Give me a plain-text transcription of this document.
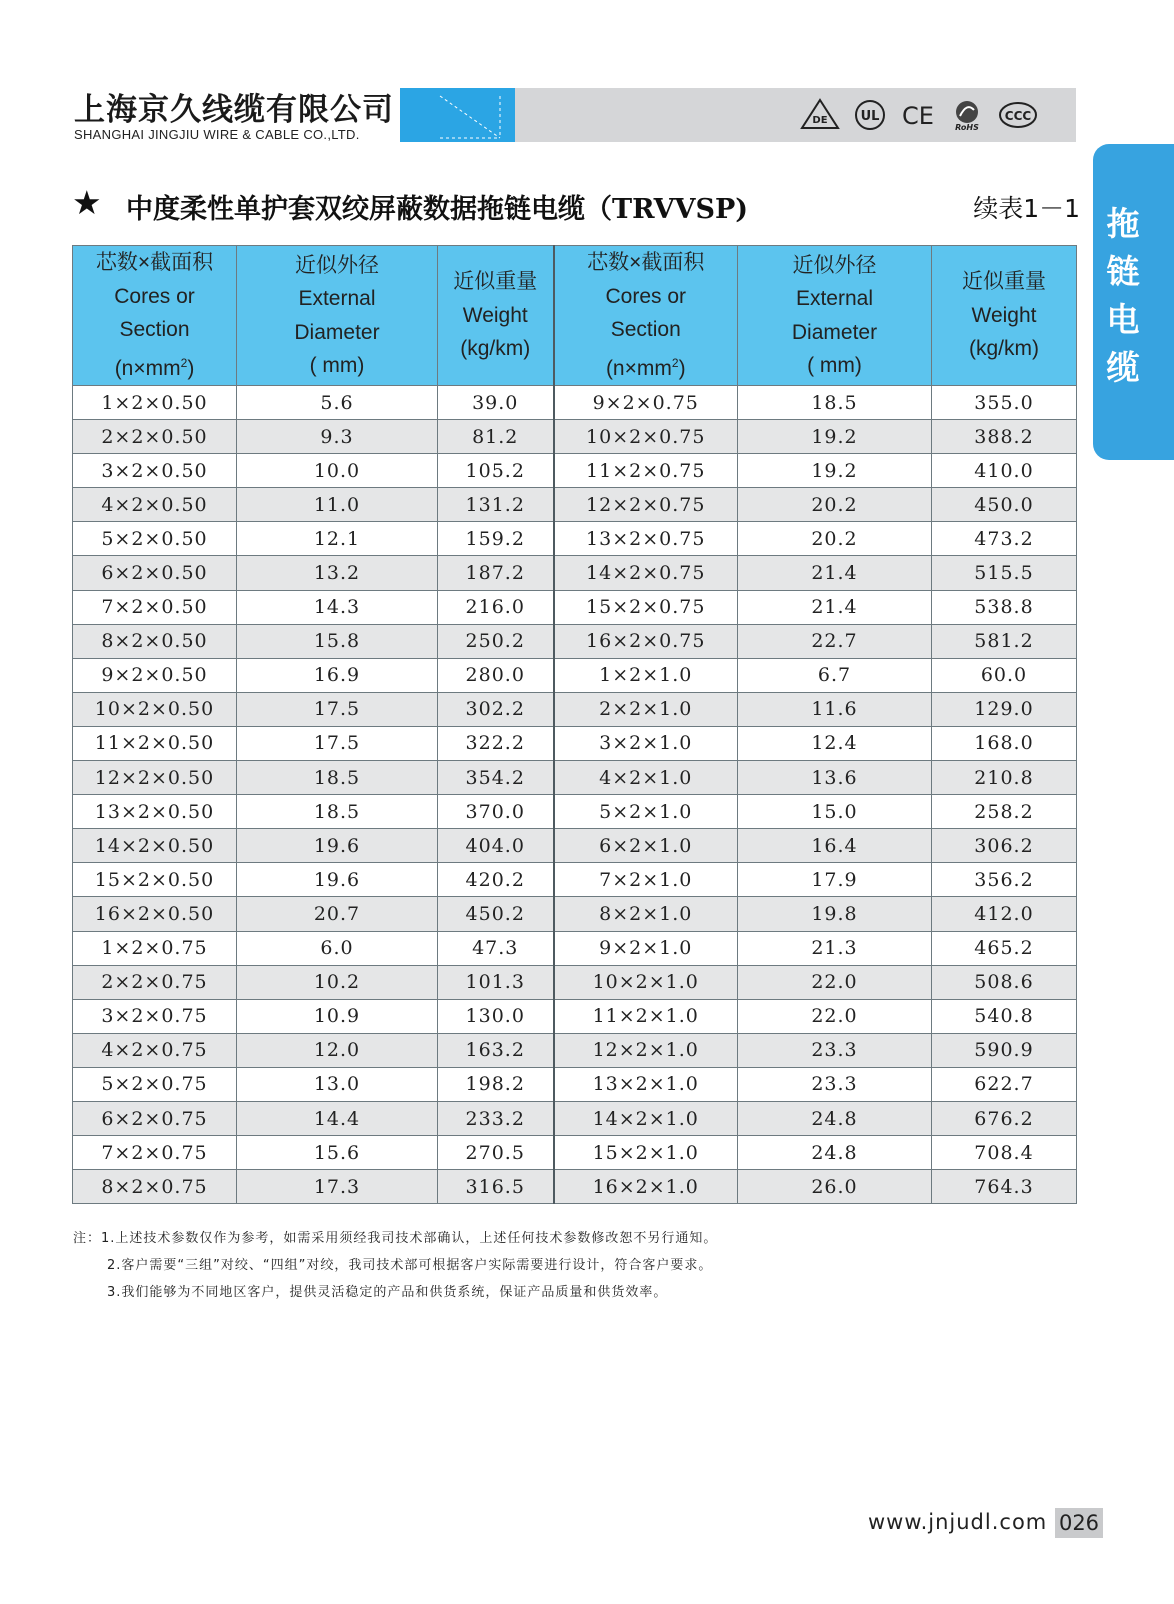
上海京久线缆有限公司
SHANGHAI JINGJIU WIRE & CABLE CO.,LTD.
DE	UL CE	RoHS
CCC
拖链电缆
★ 中度柔性单护套双绞屏蔽数据拖链电缆（TRVVSP)	续表1－1
芯数×截面积
Cores or
Section
$(n\times mm^2)$	近似外径
External
Diameter
( mm)	近似重量
Weight
(kg/km)	芯数×截面积
Cores or
Section
$(n\times mm^2)$	近似外径
External
Diameter
( mm)	近似重量
Weight
(kg/km)

1×2×0.50	5.6	39.0	9×2×0.75	18.5	355.0
2×2×0.50	9.3	81.2	10×2×0.75	19.2	388.2
3×2×0.50	10.0	105.2	11×2×0.75	19.2	410.0
4×2×0.50	11.0	131.2	12×2×0.75	20.2	450.0
5×2×0.50	12.1	159.2	13×2×0.75	20.2	473.2
6×2×0.50	13.2	187.2	14×2×0.75	21.4	515.5
7×2×0.50	14.3	216.0	15×2×0.75	21.4	538.8
8×2×0.50	15.8	250.2	16×2×0.75	22.7	581.2
9×2×0.50	16.9	280.0	1×2×1.0	6.7	60.0
10×2×0.50	17.5	302.2	2×2×1.0	11.6	129.0
11×2×0.50	17.5	322.2	3×2×1.0	12.4	168.0
12×2×0.50	18.5	354.2	4×2×1.0	13.6	210.8
13×2×0.50	18.5	370.0	5×2×1.0	15.0	258.2
14×2×0.50	19.6	404.0	6×2×1.0	16.4	306.2
15×2×0.50	19.6	420.2	7×2×1.0	17.9	356.2
16×2×0.50	20.7	450.2	8×2×1.0	19.8	412.0
1×2×0.75	6.0	47.3	9×2×1.0	21.3	465.2
2×2×0.75	10.2	101.3	10×2×1.0	22.0	508.6
3×2×0.75	10.9	130.0	11×2×1.0	22.0	540.8
4×2×0.75	12.0	163.2	12×2×1.0	23.3	590.9
5×2×0.75	13.0	198.2	13×2×1.0	23.3	622.7
6×2×0.75	14.4	233.2	14×2×1.0	24.8	676.2
7×2×0.75	15.6	270.5	15×2×1.0	24.8	708.4
8×2×0.75	17.3	316.5	16×2×1.0	26.0	764.3
注：1.上述技术参数仅作为参考，如需采用须经我司技术部确认，上述任何技术参数修改恕不另行通知。
2.客户需要“三组”对绞、“四组”对绞，我司技术部可根据客户实际需要进行设计，符合客户要求。
3.我们能够为不同地区客户，提供灵活稳定的产品和供货系统，保证产品质量和供货效率。
www.jnjudl.com 026
